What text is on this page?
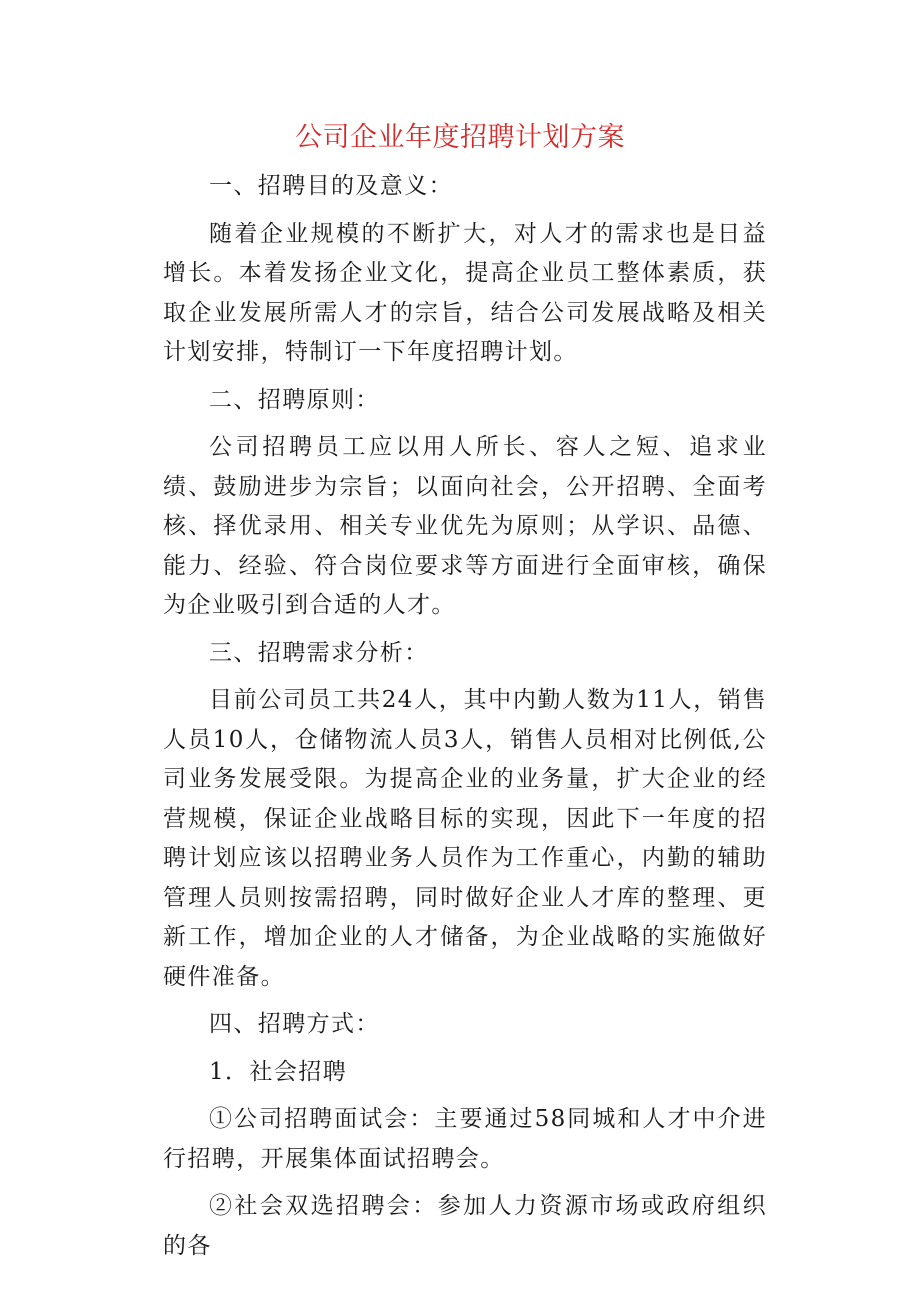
公司企业年度招聘计划方案

一、招聘目的及意义：

随着企业规模的不断扩大，对人才的需求也是日益增长。本着发扬企业文化，提高企业员工整体素质，获取企业发展所需人才的宗旨，结合公司发展战略及相关计划安排，特制订一下年度招聘计划。

二、招聘原则：

公司招聘员工应以用人所长、容人之短、追求业绩、鼓励进步为宗旨；以面向社会，公开招聘、全面考核、择优录用、相关专业优先为原则；从学识、品德、能力、经验、符合岗位要求等方面进行全面审核，确保为企业吸引到合适的人才。

三、招聘需求分析：

目前公司员工共24人，其中内勤人数为11人，销售人员10人，仓储物流人员3人，销售人员相对比例低,公司业务发展受限。为提高企业的业务量，扩大企业的经营规模，保证企业战略目标的实现，因此下一年度的招聘计划应该以招聘业务人员作为工作重心，内勤的辅助管理人员则按需招聘，同时做好企业人才库的整理、更新工作，增加企业的人才储备，为企业战略的实施做好硬件准备。

四、招聘方式：

1．社会招聘

①公司招聘面试会：主要通过58同城和人才中介进行招聘，开展集体面试招聘会。

②社会双选招聘会：参加人力资源市场或政府组织的各
